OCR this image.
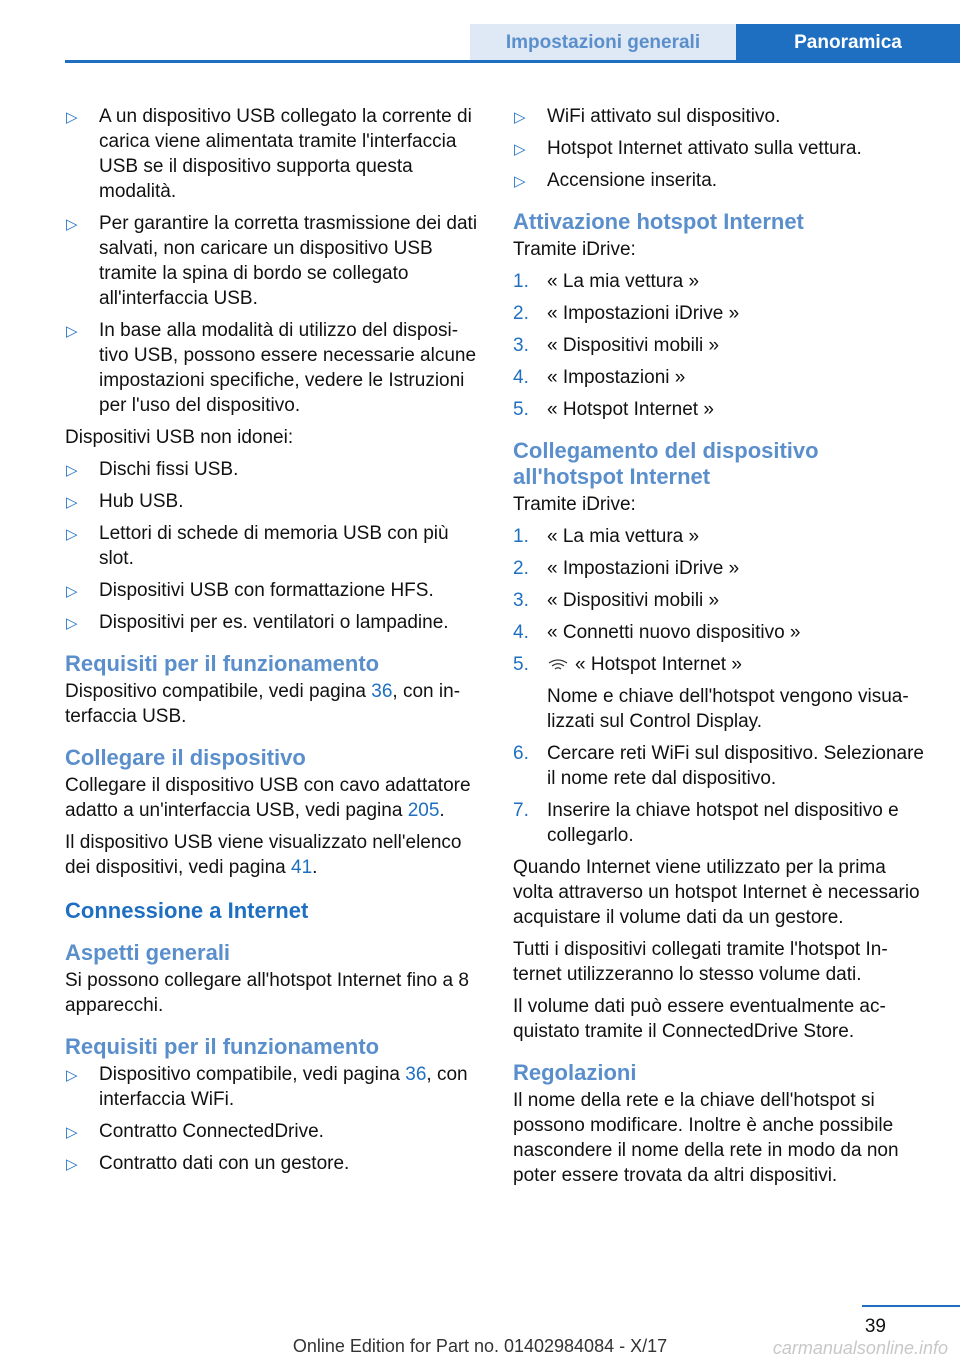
Impostazioni generali	Panoramica
▷ A un dispositivo USB collegato la corrente di carica viene alimentata tramite l'interfaccia USB se il dispositivo supporta questa modalità.
▷ Per garantire la corretta trasmissione dei dati salvati, non caricare un dispositivo USB tramite la spina di bordo se collegato all'interfaccia USB.
▷ In base alla modalità di utilizzo del dispositivo USB, possono essere necessarie alcune impostazioni specifiche, vedere le Istruzioni per l'uso del dispositivo.

Dispositivi USB non idonei:

▷ Dischi fissi USB.
▷ Hub USB.
▷ Lettori di schede di memoria USB con più slot.
▷ Dispositivi USB con formattazione HFS.
▷ Dispositivi per es. ventilatori o lampadine.
Requisiti per il funzionamento

Dispositivo compatibile, vedi pagina 36, con interfaccia USB.

Collegare il dispositivo

Collegare il dispositivo USB con cavo adattatore adatto a un'interfaccia USB, vedi pagina 205.

Il dispositivo USB viene visualizzato nell'elenco dei dispositivi, vedi pagina 41.

Connessione a Internet
Aspetti generali

Si possono collegare all'hotspot Internet fino a 8 apparecchi.

Requisiti per il funzionamento
▷ Dispositivo compatibile, vedi pagina 36, con interfaccia WiFi.
▷ Contratto ConnectedDrive.
▷ Contratto dati con un gestore.
▷ WiFi attivato sul dispositivo.
▷ Hotspot Internet attivato sulla vettura.
▷ Accensione inserita.
Attivazione hotspot Internet

Tramite iDrive:

1. « La mia vettura »
2. « Impostazioni iDrive »
3. « Dispositivi mobili »
4. « Impostazioni »
5. « Hotspot Internet »
Collegamento del dispositivo all'hotspot Internet

Tramite iDrive:

1. « La mia vettura »
2. « Impostazioni iDrive »
3. « Dispositivi mobili »
4. « Connetti nuovo dispositivo »
5. « Hotspot Internet »
Nome e chiave dell'hotspot vengono visualizzati sul Control Display.
6. Cercare reti WiFi sul dispositivo. Selezionare il nome rete dal dispositivo.
7. Inserire la chiave hotspot nel dispositivo e collegarlo.

Quando Internet viene utilizzato per la prima volta attraverso un hotspot Internet è necessario acquistare il volume dati da un gestore.

Tutti i dispositivi collegati tramite l'hotspot Internet utilizzeranno lo stesso volume dati.

Il volume dati può essere eventualmente acquistato tramite il ConnectedDrive Store.

Regolazioni

Il nome della rete e la chiave dell'hotspot si possono modificare. Inoltre è anche possibile nascondere il nome della rete in modo da non poter essere trovata da altri dispositivi.

39
Online Edition for Part no. 01402984084 - X/17	carmanualsonline.info
